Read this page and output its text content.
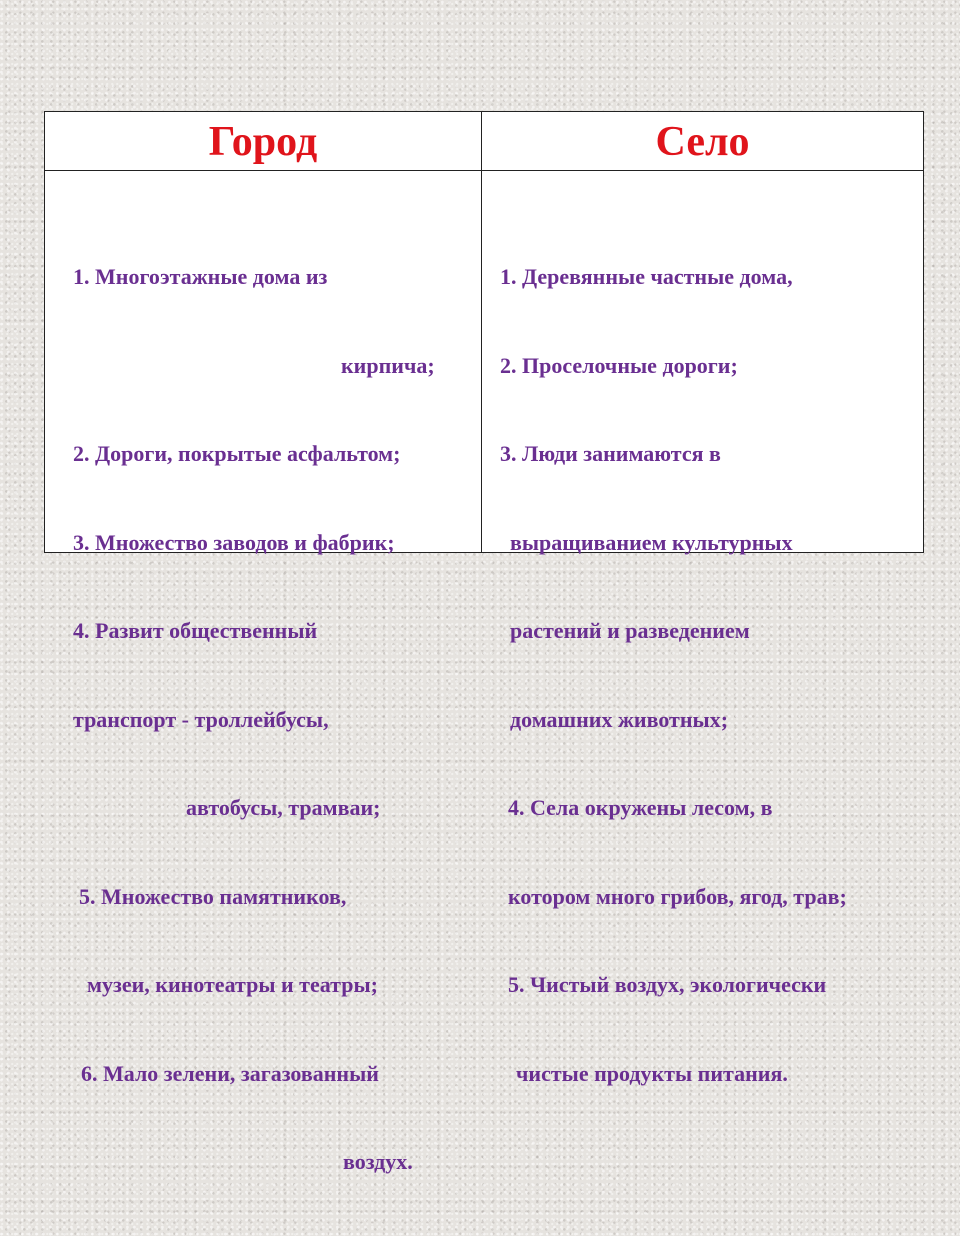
Город	Село

1. Многоэтажные дома из

кирпича;

2. Дороги, покрытые асфальтом;

3. Множество заводов и фабрик;

4. Развит общественный

транспорт - троллейбусы,

автобусы, трамваи;

5. Множество памятников,

музеи, кинотеатры и театры;

6. Мало зелени, загазованный

воздух.

1. Деревянные частные дома,

2. Проселочные дороги;

3. Люди занимаются в

выращиванием культурных

растений и разведением

домашних животных;

4. Села окружены лесом, в

котором много грибов, ягод, трав;

5. Чистый воздух, экологически

чистые продукты питания.
